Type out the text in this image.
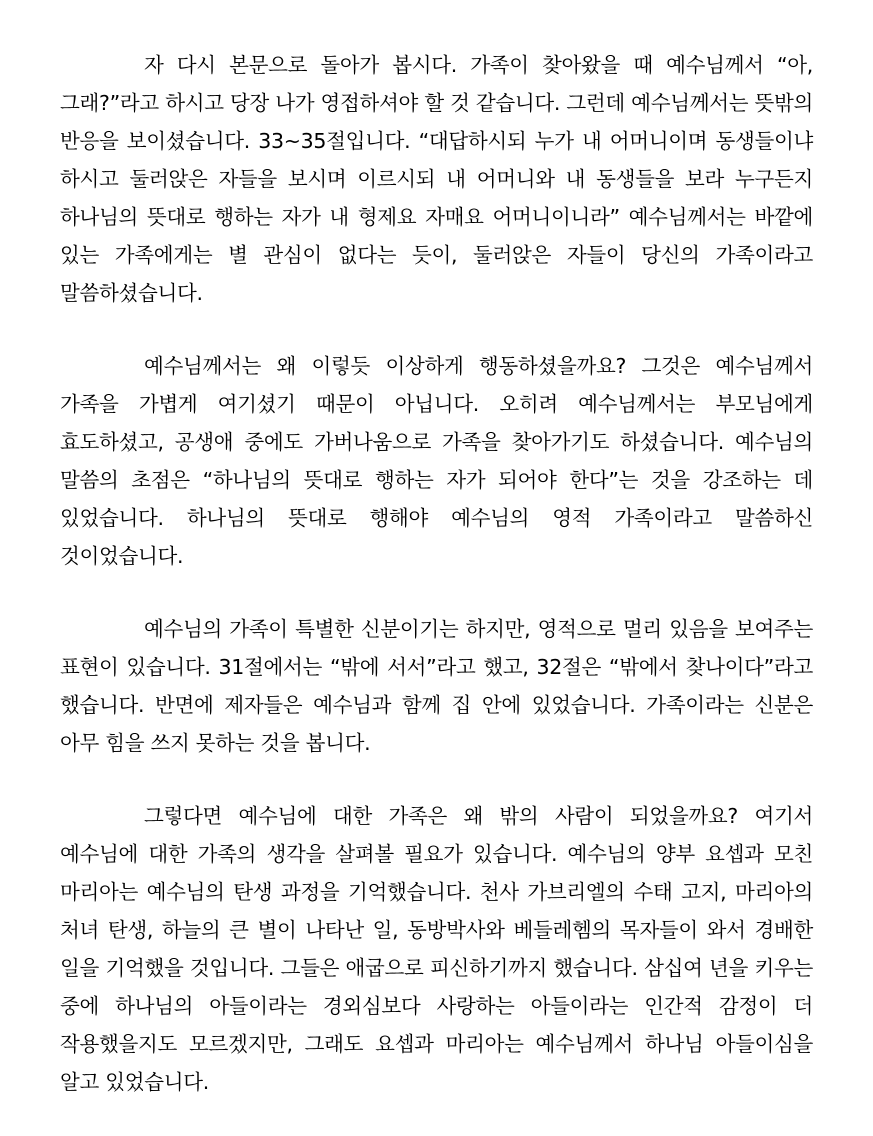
자 다시 본문으로 돌아가 봅시다. 가족이 찾아왔을 때 예수님께서 “아, 그래?”라고 하시고 당장 나가 영접하셔야 할 것 같습니다. 그런데 예수님께서는 뜻밖의 반응을 보이셨습니다. 33~35절입니다. “대답하시되 누가 내 어머니이며 동생들이냐 하시고 둘러앉은 자들을 보시며 이르시되 내 어머니와 내 동생들을 보라 누구든지 하나님의 뜻대로 행하는 자가 내 형제요 자매요 어머니이니라” 예수님께서는 바깥에 있는 가족에게는 별 관심이 없다는 듯이, 둘러앉은 자들이 당신의 가족이라고 말씀하셨습니다.

예수님께서는 왜 이렇듯 이상하게 행동하셨을까요? 그것은 예수님께서 가족을 가볍게 여기셨기 때문이 아닙니다. 오히려 예수님께서는 부모님에게 효도하셨고, 공생애 중에도 가버나움으로 가족을 찾아가기도 하셨습니다. 예수님의 말씀의 초점은 “하나님의 뜻대로 행하는 자가 되어야 한다”는 것을 강조하는 데 있었습니다. 하나님의 뜻대로 행해야 예수님의 영적 가족이라고 말씀하신 것이었습니다.

예수님의 가족이 특별한 신분이기는 하지만, 영적으로 멀리 있음을 보여주는 표현이 있습니다. 31절에서는 “밖에 서서”라고 했고, 32절은 “밖에서 찾나이다”라고 했습니다. 반면에 제자들은 예수님과 함께 집 안에 있었습니다. 가족이라는 신분은 아무 힘을 쓰지 못하는 것을 봅니다.

그렇다면 예수님에 대한 가족은 왜 밖의 사람이 되었을까요? 여기서 예수님에 대한 가족의 생각을 살펴볼 필요가 있습니다. 예수님의 양부 요셉과 모친 마리아는 예수님의 탄생 과정을 기억했습니다. 천사 가브리엘의 수태 고지, 마리아의 처녀 탄생, 하늘의 큰 별이 나타난 일, 동방박사와 베들레헴의 목자들이 와서 경배한 일을 기억했을 것입니다. 그들은 애굽으로 피신하기까지 했습니다. 삼십여 년을 키우는 중에 하나님의 아들이라는 경외심보다 사랑하는 아들이라는 인간적 감정이 더 작용했을지도 모르겠지만, 그래도 요셉과 마리아는 예수님께서 하나님 아들이심을 알고 있었습니다.
